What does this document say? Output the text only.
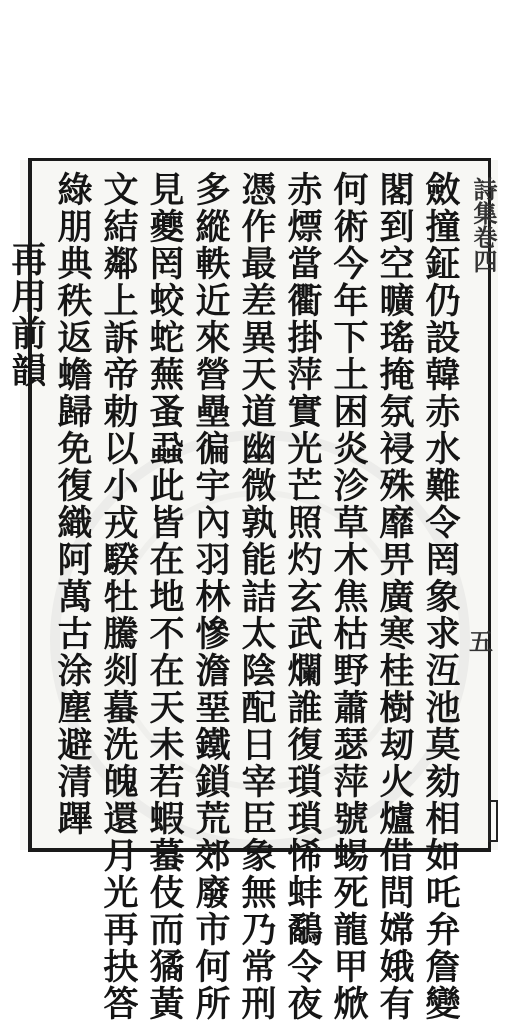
斂
撞
鉦
仍
設
韓
赤
水
難
令
罔
象
求
沍
池
莫
劾
相
如
吒
弁
詹
變
閣
到
空
曠
瑤
掩
氛
祲
殊
靡
畀
廣
寒
桂
樹
刼
火
爐
借
問
嫦
娥
有
何
術
今
年
下
土
困
炎
沴
草
木
焦
枯
野
蕭
瑟
萍
號
蜴
死
龍
甲
焮
赤
熛
當
衢
掛
萍
實
光
芒
照
灼
玄
武
爛
誰
復
瑣
瑣
悕
蚌
鷸
令
夜
憑
作
最
差
異
天
道
幽
微
孰
能
詰
太
陰
配
日
宰
臣
象
無
乃
常
刑
多
縱
軼
近
來
營
壘
徧
宇
內
羽
林
慘
澹
堊
鐵
鎖
荒
郊
廢
市
何
所
見
夔
罔
蛟
蛇
蕪
蚤
蝨
此
皆
在
地
不
在
天
未
若
蝦
蟇
伎
而
獝
黃
文
結
鄰
上
訴
帝
勅
以
小
戎
騤
牡
騰
剡
蟇
洗
魄
還
月
光
再
抉
答
綠
朋
典
秩
返
蟾
歸
免
復
織
阿
萬
古
涂
塵
避
清
蹕
再
用
前
韻
詩集卷四
五
